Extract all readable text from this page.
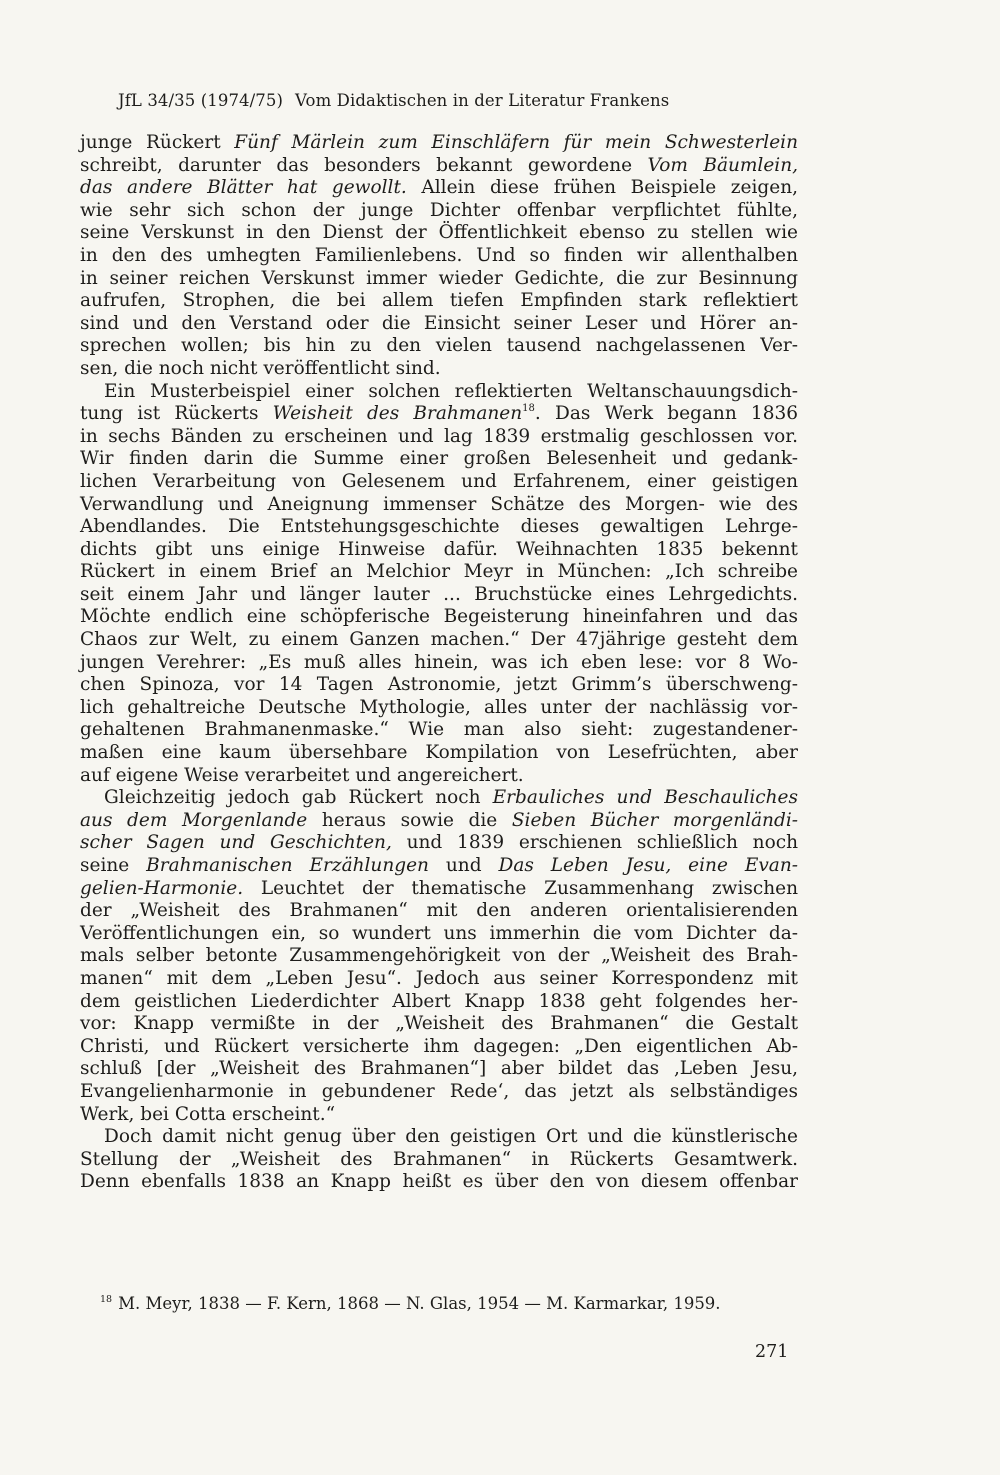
JfL 34/35 (1974/75) Vom Didaktischen in der Literatur Frankens
junge Rückert Fünf Märlein zum Einschläfern für mein Schwesterlein
schreibt, darunter das besonders bekannt gewordene Vom Bäumlein,
das andere Blätter hat gewollt. Allein diese frühen Beispiele zeigen,
wie sehr sich schon der junge Dichter offenbar verpflichtet fühlte,
seine Verskunst in den Dienst der Öffentlichkeit ebenso zu stellen wie
in den des umhegten Familienlebens. Und so finden wir allenthalben
in seiner reichen Verskunst immer wieder Gedichte, die zur Besinnung
aufrufen, Strophen, die bei allem tiefen Empfinden stark reflektiert
sind und den Verstand oder die Einsicht seiner Leser und Hörer an-
sprechen wollen; bis hin zu den vielen tausend nachgelassenen Ver-
sen, die noch nicht veröffentlicht sind.
Ein Musterbeispiel einer solchen reflektierten Weltanschauungsdich-
tung ist Rückerts Weisheit des Brahmanen$^{18}$. Das Werk begann 1836
in sechs Bänden zu erscheinen und lag 1839 erstmalig geschlossen vor.
Wir finden darin die Summe einer großen Belesenheit und gedank-
lichen Verarbeitung von Gelesenem und Erfahrenem, einer geistigen
Verwandlung und Aneignung immenser Schätze des Morgen- wie des
Abendlandes. Die Entstehungsgeschichte dieses gewaltigen Lehrge-
dichts gibt uns einige Hinweise dafür. Weihnachten 1835 bekennt
Rückert in einem Brief an Melchior Meyr in München: „Ich schreibe
seit einem Jahr und länger lauter ... Bruchstücke eines Lehrgedichts.
Möchte endlich eine schöpferische Begeisterung hineinfahren und das
Chaos zur Welt, zu einem Ganzen machen.“ Der 47jährige gesteht dem
jungen Verehrer: „Es muß alles hinein, was ich eben lese: vor 8 Wo-
chen Spinoza, vor 14 Tagen Astronomie, jetzt Grimm’s überschweng-
lich gehaltreiche Deutsche Mythologie, alles unter der nachlässig vor-
gehaltenen Brahmanenmaske.“ Wie man also sieht: zugestandener-
maßen eine kaum übersehbare Kompilation von Lesefrüchten, aber
auf eigene Weise verarbeitet und angereichert.
Gleichzeitig jedoch gab Rückert noch Erbauliches und Beschauliches
aus dem Morgenlande heraus sowie die Sieben Bücher morgenländi-
scher Sagen und Geschichten, und 1839 erschienen schließlich noch
seine Brahmanischen Erzählungen und Das Leben Jesu, eine Evan-
gelien-Harmonie. Leuchtet der thematische Zusammenhang zwischen
der „Weisheit des Brahmanen“ mit den anderen orientalisierenden
Veröffentlichungen ein, so wundert uns immerhin die vom Dichter da-
mals selber betonte Zusammengehörigkeit von der „Weisheit des Brah-
manen“ mit dem „Leben Jesu“. Jedoch aus seiner Korrespondenz mit
dem geistlichen Liederdichter Albert Knapp 1838 geht folgendes her-
vor: Knapp vermißte in der „Weisheit des Brahmanen“ die Gestalt
Christi, und Rückert versicherte ihm dagegen: „Den eigentlichen Ab-
schluß [der „Weisheit des Brahmanen“] aber bildet das ‚Leben Jesu,
Evangelienharmonie in gebundener Rede‘, das jetzt als selbständiges
Werk, bei Cotta erscheint.“
Doch damit nicht genug über den geistigen Ort und die künstlerische
Stellung der „Weisheit des Brahmanen“ in Rückerts Gesamtwerk.
Denn ebenfalls 1838 an Knapp heißt es über den von diesem offenbar
$^{18}$ M. Meyr, 1838 — F. Kern, 1868 — N. Glas, 1954 — M. Karmarkar, 1959.
271
